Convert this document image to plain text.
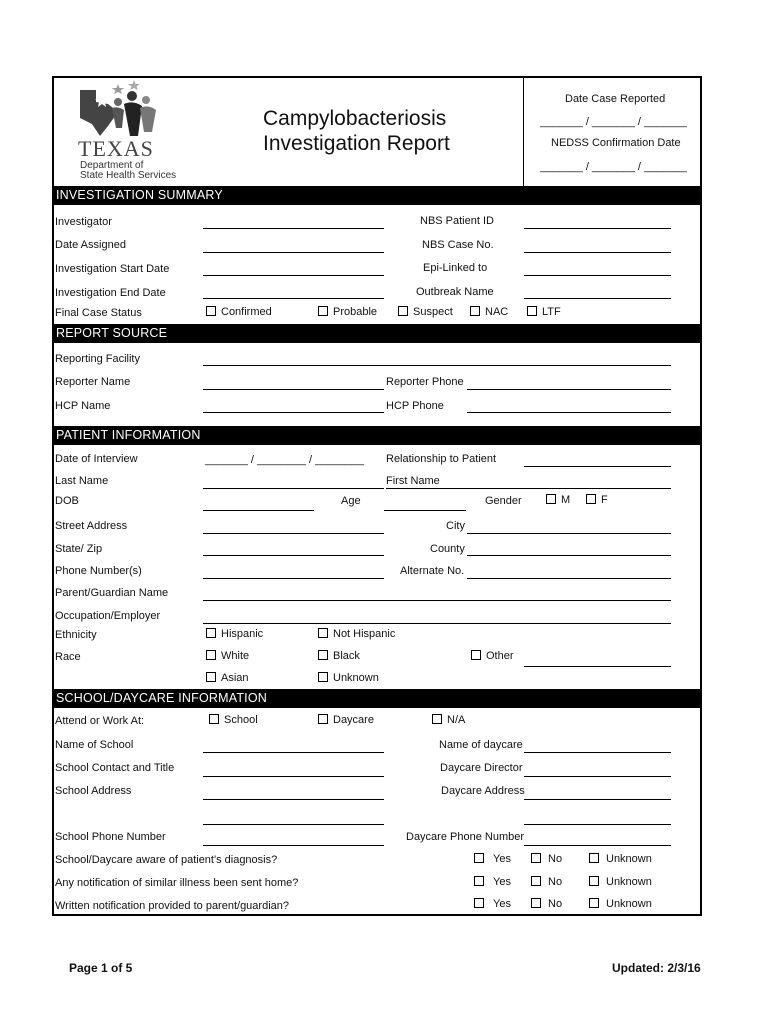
TEXAS
Department of
State Health Services
Campylobacteriosis
Investigation Report
Date Case Reported
_______ / _______ / _______
NEDSS Confirmation Date
_______ / _______ / _______
INVESTIGATION SUMMARY
Investigator	NBS Patient ID
Date Assigned	NBS Case No.
Investigation Start Date	Epi-Linked to
Investigation End Date	Outbreak Name
Final Case Status	Confirmed	Probable	Suspect	NAC	LTF
REPORT SOURCE
Reporting Facility
Reporter Name	Reporter Phone
HCP Name	HCP Phone
PATIENT INFORMATION
Date of Interview	_______ / ________ / ________ Relationship to Patient
Last Name	First Name
DOB	Age	Gender	M	F
Street Address	City
State/ Zip	County
Phone Number(s)	Alternate No.
Parent/Guardian Name
Occupation/Employer
Ethnicity	Hispanic	Not Hispanic
Race	White	Black	Other
Asian	Unknown
SCHOOL/DAYCARE INFORMATION
Attend or Work At:	School	Daycare	N/A
Name of School	Name of daycare
School Contact and Title	Daycare Director
School Address	Daycare Address
School Phone Number	Daycare Phone Number
School/Daycare aware of patient's diagnosis?	Yes	No	Unknown
Any notification of similar illness been sent home?	Yes	No	Unknown
Written notification provided to parent/guardian?	Yes	No	Unknown
Page 1 of 5	Updated: 2/3/16
